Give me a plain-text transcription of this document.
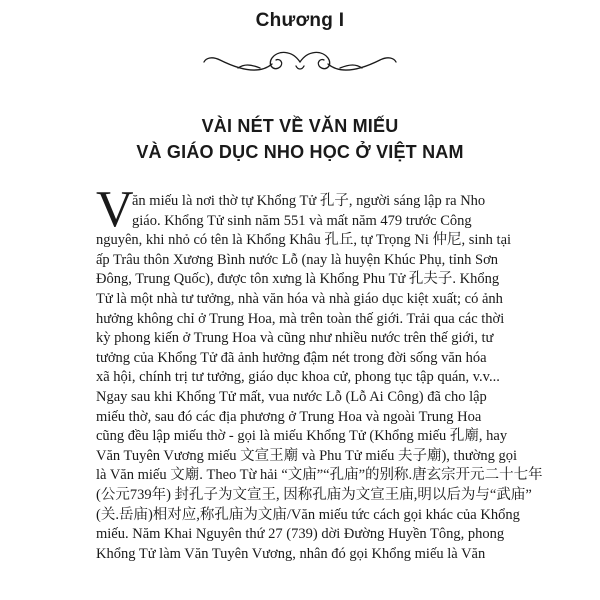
Chương I
VÀI NÉT VỀ VĂN MIẾU
VÀ GIÁO DỤC NHO HỌC Ở VIỆT NAM
V
ăn miếu là nơi thờ tự Khổng Tử 孔子, người sáng lập ra Nho
giáo. Khổng Tử sinh năm 551 và mất năm 479 trước Công
nguyên, khi nhỏ có tên là Khổng Khâu 孔丘, tự Trọng Ni 仲尼, sinh tại
ấp Trâu thôn Xương Bình nước Lỗ (nay là huyện Khúc Phụ, tỉnh Sơn
Đông, Trung Quốc), được tôn xưng là Khổng Phu Tử 孔夫子. Khổng
Tử là một nhà tư tưởng, nhà văn hóa và nhà giáo dục kiệt xuất; có ảnh
hưởng không chỉ ở Trung Hoa, mà trên toàn thế giới. Trải qua các thời
kỳ phong kiến ở Trung Hoa và cũng như nhiều nước trên thế giới, tư
tưởng của Khổng Tử đã ảnh hưởng đậm nét trong đời sống văn hóa
xã hội, chính trị tư tưởng, giáo dục khoa cử, phong tục tập quán, v.v...
Ngay sau khi Khổng Tử mất, vua nước Lỗ (Lỗ Ai Công) đã cho lập
miếu thờ, sau đó các địa phương ở Trung Hoa và ngoài Trung Hoa
cũng đều lập miếu thờ - gọi là miếu Khổng Tử (Khổng miếu 孔廟, hay
Văn Tuyên Vương miếu 文宣王廟 và Phu Tử miếu 夫子廟), thường gọi
là Văn miếu 文廟. Theo Từ hải “文庙”“孔庙”的别称.唐玄宗开元二十七年
(公元739年) 封孔子为文宣王, 因称孔庙为文宣王庙,明以后为与“武庙”
(关.岳庙)相对应,称孔庙为文庙/Văn miếu tức cách gọi khác của Khổng
miếu. Năm Khai Nguyên thứ 27 (739) dời Đường Huyền Tông, phong
Khổng Tử làm Văn Tuyên Vương, nhân đó gọi Khổng miếu là Văn
